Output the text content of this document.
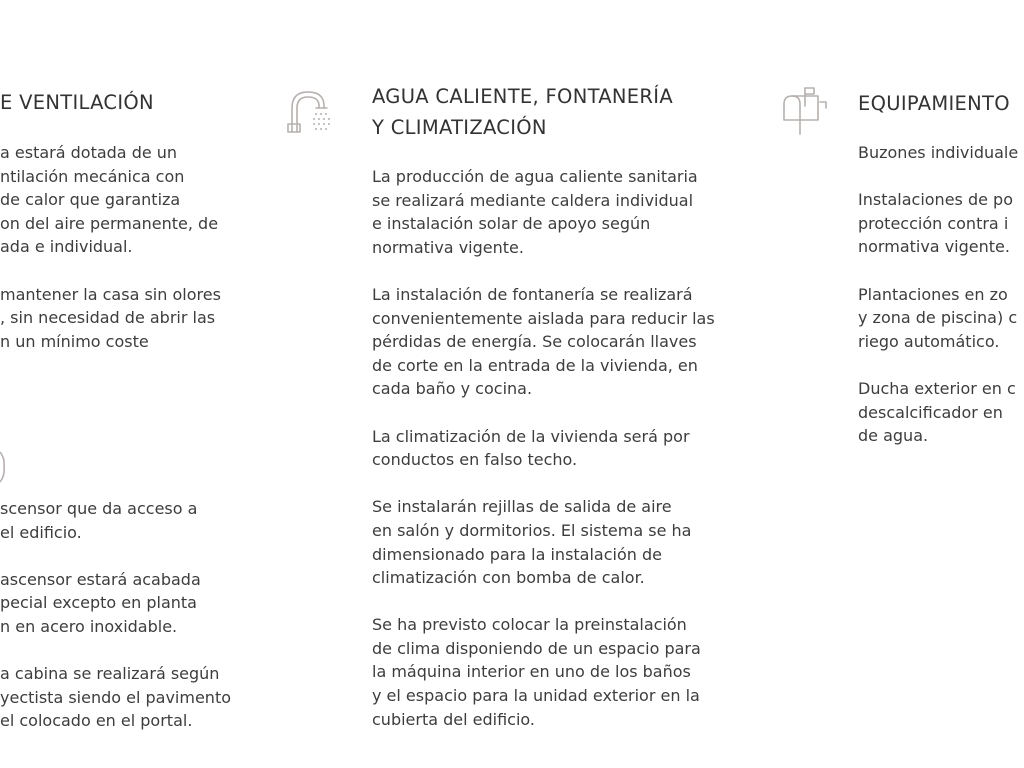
E VENTILACIÓN

a estará dotada de un
ntilación mecánica con
de calor que garantiza
on del aire permanente, de
ada e individual.

mantener la casa sin olores
, sin necesidad de abrir las
n un mínimo coste

scensor que da acceso a
el edificio.

ascensor estará acabada
pecial excepto en planta
n en acero inoxidable.

a cabina se realizará según
yectista siendo el pavimento
el colocado en el portal.

AGUA CALIENTE, FONTANERÍA
Y CLIMATIZACIÓN

La producción de agua caliente sanitaria
se realizará mediante caldera individual
e instalación solar de apoyo según
normativa vigente.

La instalación de fontanería se realizará
convenientemente aislada para reducir las
pérdidas de energía. Se colocarán llaves
de corte en la entrada de la vivienda, en
cada baño y cocina.

La climatización de la vivienda será por
conductos en falso techo.

Se instalarán rejillas de salida de aire
en salón y dormitorios. El sistema se ha
dimensionado para la instalación de
climatización con bomba de calor.

Se ha previsto colocar la preinstalación
de clima disponiendo de un espacio para
la máquina interior en uno de los baños
y el espacio para la unidad exterior en la
cubierta del edificio.

EQUIPAMIENTO

Buzones individuale

Instalaciones de po
protección contra i
normativa vigente.

Plantaciones en zo
y zona de piscina) c
riego automático.

Ducha exterior en c
descalcificador en
de agua.
